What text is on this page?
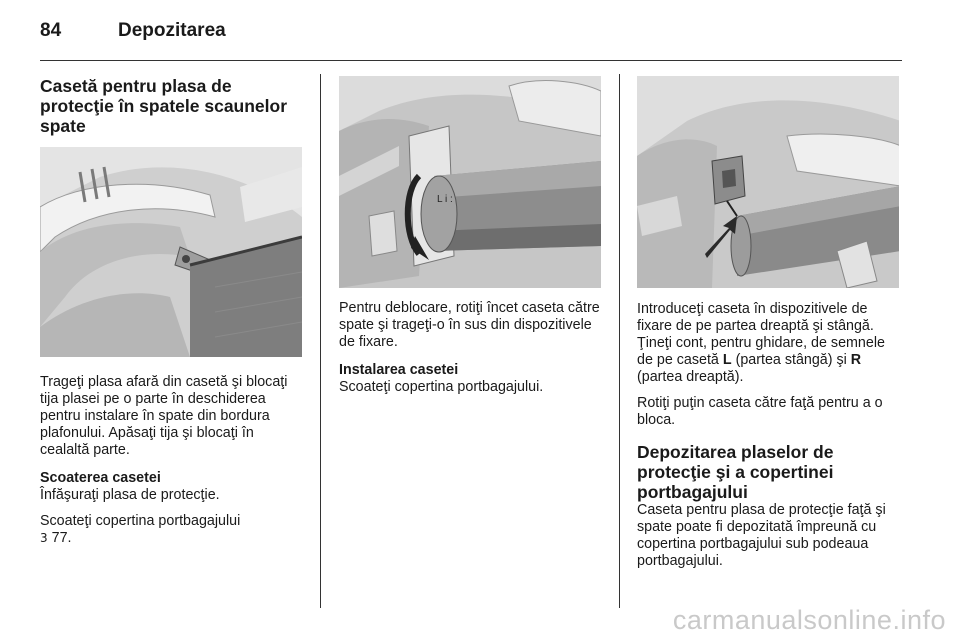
84	Depozitarea
Casetă pentru plasa de protecţie în spatele scaunelor spate

Trageţi plasa afară din casetă şi blocaţi tija plasei pe o parte în deschiderea pentru instalare în spate din bordura plafonului. Apăsaţi tija şi blocaţi în cealaltă parte.

Scoaterea casetei

Înfăşuraţi plasa de protecţie.

Scoateţi copertina portbagajului
3 77.

L i :

Pentru deblocare, rotiţi încet caseta către spate şi trageţi-o în sus din dispozitivele de fixare.

Instalarea casetei

Scoateţi copertina portbagajului.

Introduceţi caseta în dispozitivele de fixare de pe partea dreaptă şi stângă. Ţineţi cont, pentru ghidare, de semnele de pe casetă L (partea stângă) şi R (partea dreaptă).

Rotiţi puţin caseta către faţă pentru a o bloca.

Depozitarea plaselor de protecţie şi a copertinei portbagajului

Caseta pentru plasa de protecţie faţă şi spate poate fi depozitată împreună cu copertina portbagajului sub podeaua portbagajului.

carmanualsonline.info
